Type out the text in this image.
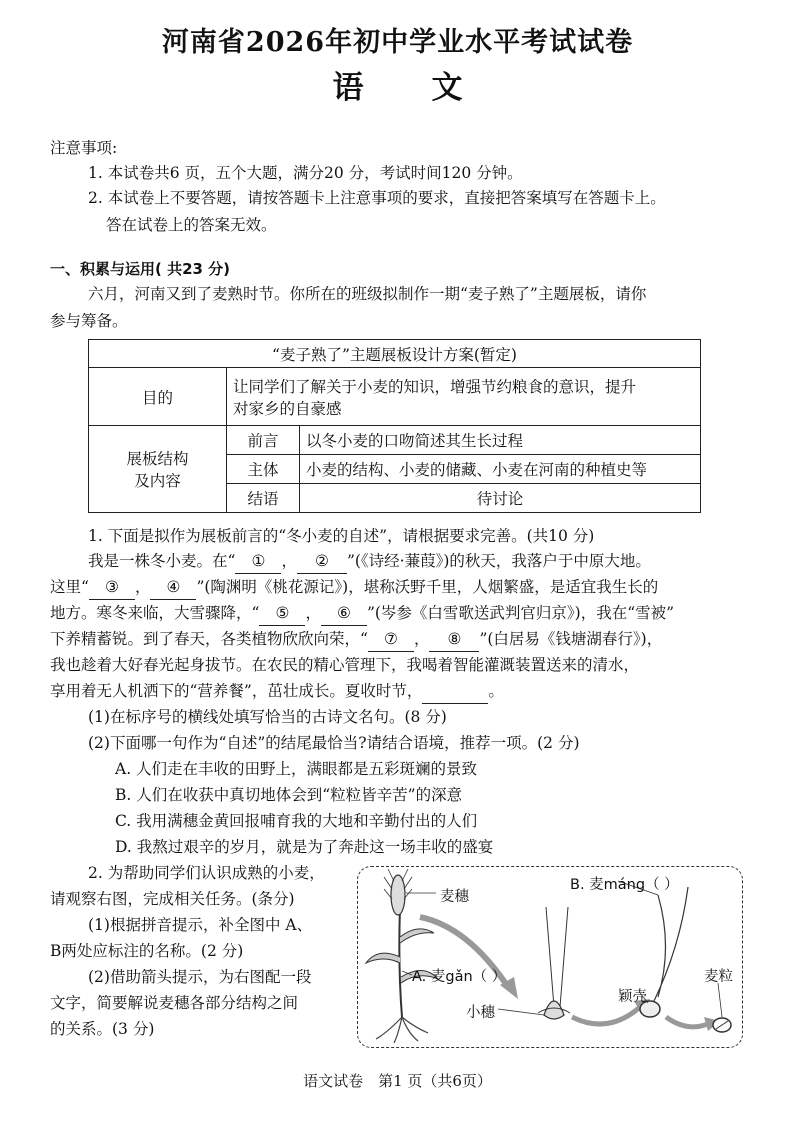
河南省2026年初中学业水平考试试卷
语 文
注意事项:
1. 本试卷共6 页，五个大题，满分20 分，考试时间120 分钟。
2. 本试卷上不要答题，请按答题卡上注意事项的要求，直接把答案填写在答题卡上。
答在试卷上的答案无效。
一、积累与运用( 共23 分)
六月，河南又到了麦熟时节。你所在的班级拟制作一期“麦子熟了”主题展板，请你
参与筹备。
“麦子熟了”主题展板设计方案(暂定)		
目的	让同学们了解关于小麦的知识，增强节约粮食的意识，提升
对家乡的自豪感	

展板结构
及内容	前言	以冬小麦的口吻简述其生长过程
	主体	小麦的结构、小麦的储藏、小麦在河南的种植史等
	结语	待讨论
1. 下面是拟作为展板前言的“冬小麦的自述”，请根据要求完善。(共10 分)
我是一株冬小麦。在“ ① ， ② ”(《诗经·蒹葭》)的秋天，我落户于中原大地。
这里“ ③ ， ④ ”(陶渊明《桃花源记》)，堪称沃野千里，人烟繁盛，是适宜我生长的
地方。寒冬来临，大雪骤降，“ ⑤ ， ⑥ ”(岑参《白雪歌送武判官归京》)，我在“雪被”
下养精蓄锐。到了春天，各类植物欣欣向荣，“ ⑦ ， ⑧ ”(白居易《钱塘湖春行》)，
我也趁着大好春光起身拔节。在农民的精心管理下，我喝着智能灌溉装置送来的清水，
享用着无人机洒下的“营养餐”，茁壮成长。夏收时节，	。
(1)在标序号的横线处填写恰当的古诗文名句。(8 分)
(2)下面哪一句作为“自述”的结尾最恰当?请结合语境，推荐一项。(2 分)
A. 人们走在丰收的田野上，满眼都是五彩斑斓的景致
B. 人们在收获中真切地体会到“粒粒皆辛苦”的深意
C. 我用满穗金黄回报哺育我的大地和辛勤付出的人们
D. 我熬过艰辛的岁月，就是为了奔赴这一场丰收的盛宴
2. 为帮助同学们认识成熟的小麦，
请观察右图，完成相关任务。(条分)
(1)根据拼音提示，补全图中 A、
B两处应标注的名称。(2 分)
(2)借助箭头提示，为右图配一段
文字，简要解说麦穗各部分结构之间
的关系。(3 分)
麦穗
A. 麦gǎn（ ）
B. 麦máng（ ）
小穗
颖壳
麦粒
语文试卷　第1 页（共6页）
